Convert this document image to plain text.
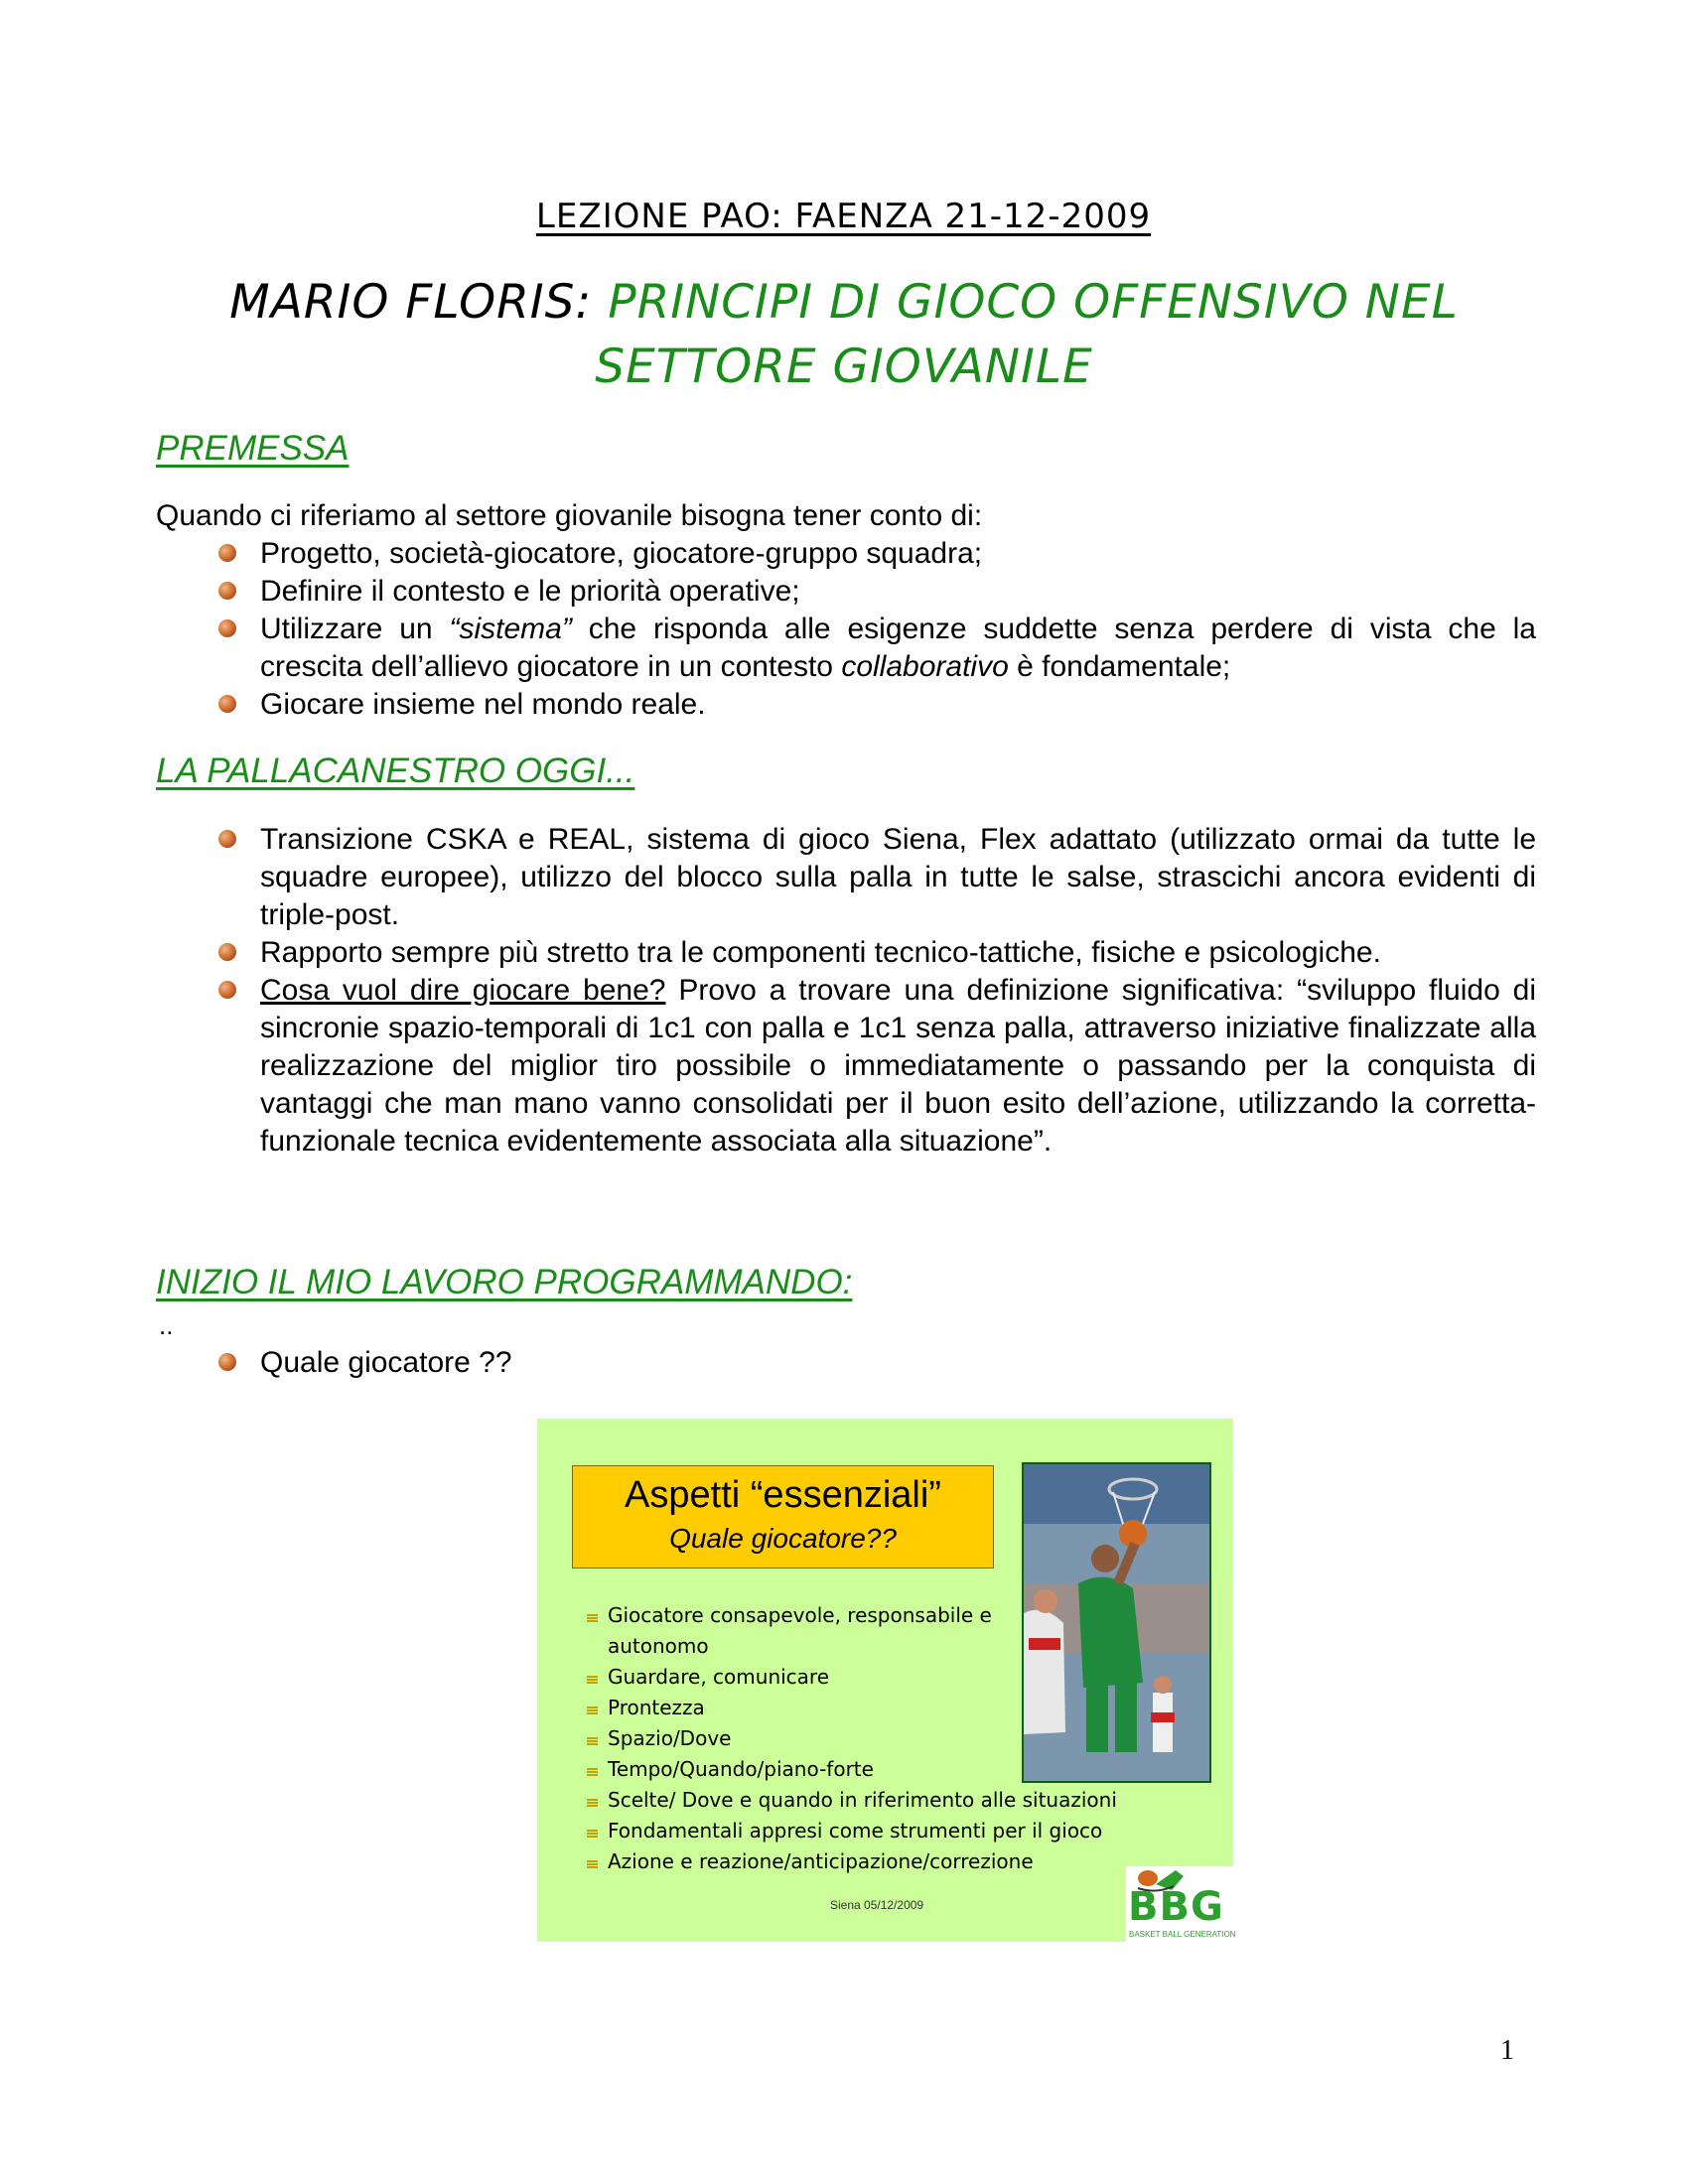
LEZIONE PAO: FAENZA 21-12-2009
MARIO FLORIS: PRINCIPI DI GIOCO OFFENSIVO NEL
SETTORE GIOVANILE
PREMESSA
Quando ci riferiamo al settore giovanile bisogna tener conto di:
Progetto, società-giocatore, giocatore-gruppo squadra;
Definire il contesto e le priorità operative;
Utilizzare un “sistema” che risponda alle esigenze suddette senza perdere di vista che la crescita dell’allievo giocatore in un contesto collaborativo è fondamentale;
Giocare insieme nel mondo reale.
LA PALLACANESTRO OGGI...
Transizione CSKA e REAL, sistema di gioco Siena, Flex adattato (utilizzato ormai da tutte le squadre europee), utilizzo del blocco sulla palla in tutte le salse, strascichi ancora evidenti di triple-post.
Rapporto sempre più stretto tra le componenti tecnico-tattiche, fisiche e psicologiche.
Cosa vuol dire giocare bene? Provo a trovare una definizione significativa: “sviluppo fluido di sincronie spazio-temporali di 1c1 con palla e 1c1 senza palla, attraverso iniziative finalizzate alla realizzazione del miglior tiro possibile o immediatamente o passando per la conquista di vantaggi che man mano vanno consolidati per il buon esito dell’azione, utilizzando la corretta-funzionale tecnica evidentemente associata alla situazione”.
INIZIO IL MIO LAVORO PROGRAMMANDO:
..
Quale giocatore ??
Aspetti “essenziali”
Quale giocatore??
Giocatore consapevole, responsabile e autonomo
Guardare, comunicare
Prontezza
Spazio/Dove
Tempo/Quando/piano-forte
Scelte/ Dove e quando in riferimento alle situazioni
Fondamentali appresi come strumenti per il gioco
Azione e reazione/anticipazione/correzione
Siena 05/12/2009	BBG
BASKET BALL GENERATION
1
